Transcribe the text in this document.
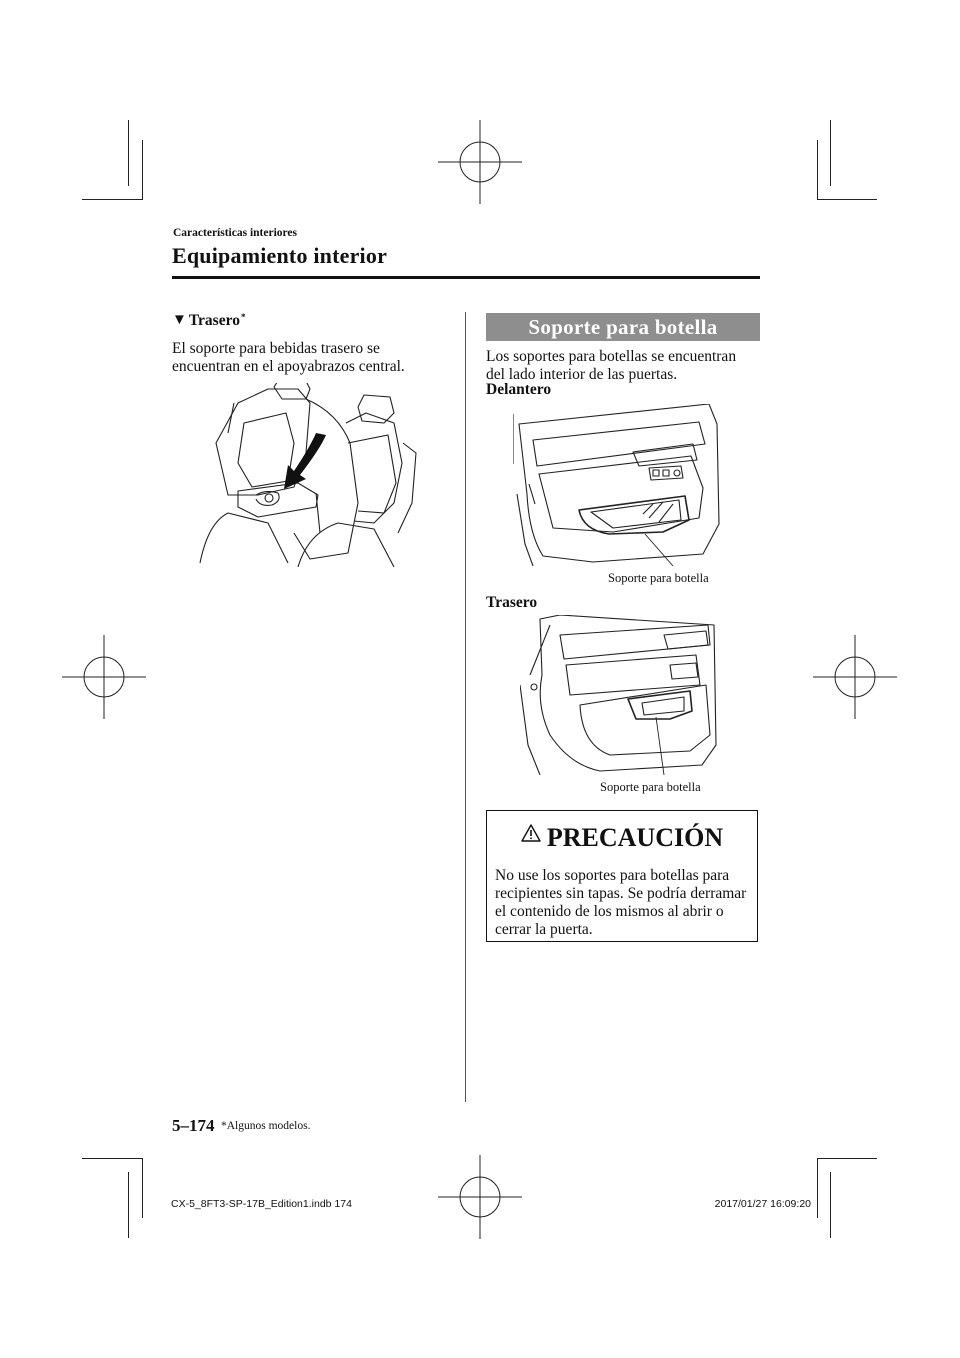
Características interiores
Equipamiento interior
▼ Trasero*
El soporte para bebidas trasero se
encuentran en el apoyabrazos central.
Soporte para botella
Los soportes para botellas se encuentran
del lado interior de las puertas.
Delantero
Soporte para botella
Trasero
Soporte para botella
PRECAUCIÓN
No use los soportes para botellas para
recipientes sin tapas. Se podría derramar
el contenido de los mismos al abrir o
cerrar la puerta.
5–174 *Algunos modelos.
CX-5_8FT3-SP-17B_Edition1.indb 174	2017/01/27 16:09:20
